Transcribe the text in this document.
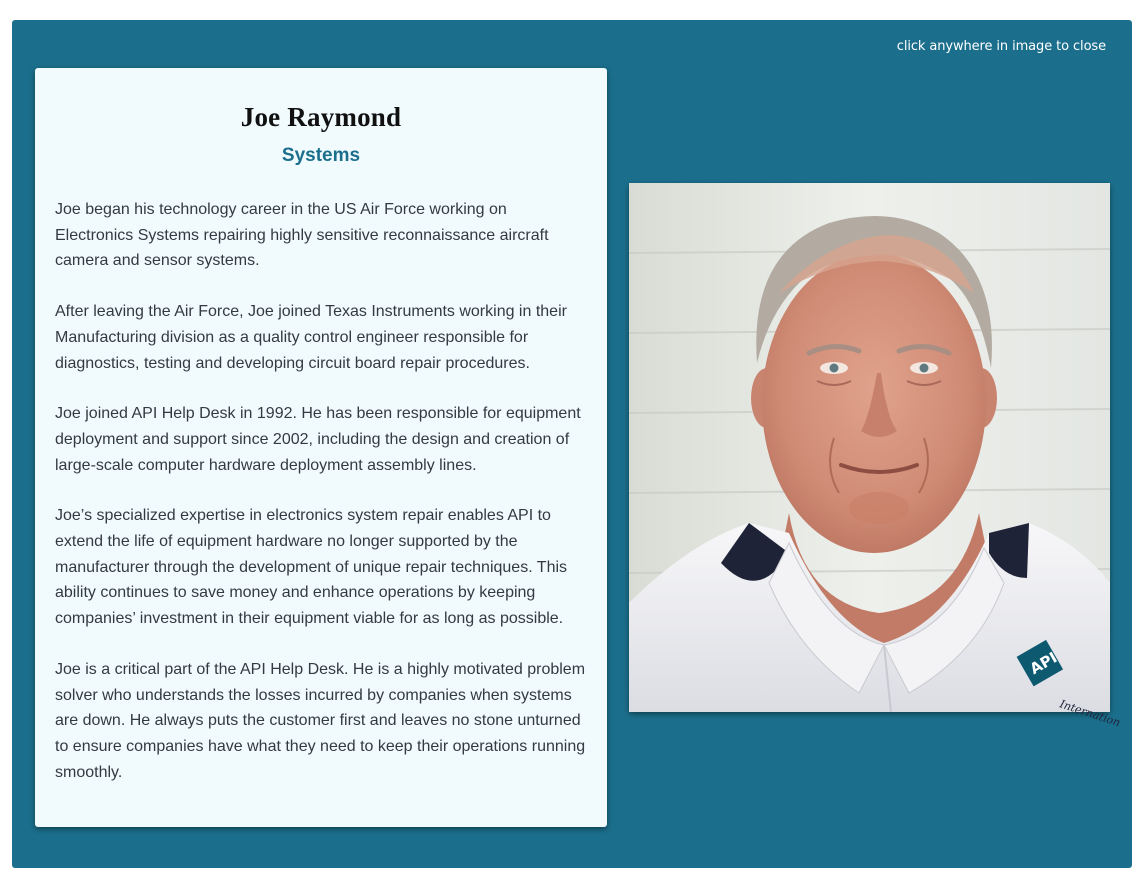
click anywhere in image to close
Joe Raymond
Systems

Joe began his technology career in the US Air Force working on Electronics Systems repairing highly sensitive reconnaissance aircraft camera and sensor systems.

After leaving the Air Force, Joe joined Texas Instruments working in their Manufacturing division as a quality control engineer responsible for diagnostics, testing and developing circuit board repair procedures.

Joe joined API Help Desk in 1992. He has been responsible for equipment deployment and support since 2002, including the design and creation of large-scale computer hardware deployment assembly lines.

Joe’s specialized expertise in electronics system repair enables API to extend the life of equipment hardware no longer supported by the manufacturer through the development of unique repair techniques. This ability continues to save money and enhance operations by keeping companies’ investment in their equipment viable for as long as possible.

Joe is a critical part of the API Help Desk. He is a highly motivated problem solver who understands the losses incurred by companies when systems are down. He always puts the customer first and leaves no stone unturned to ensure companies have what they need to keep their operations running smoothly.

API
Internation
